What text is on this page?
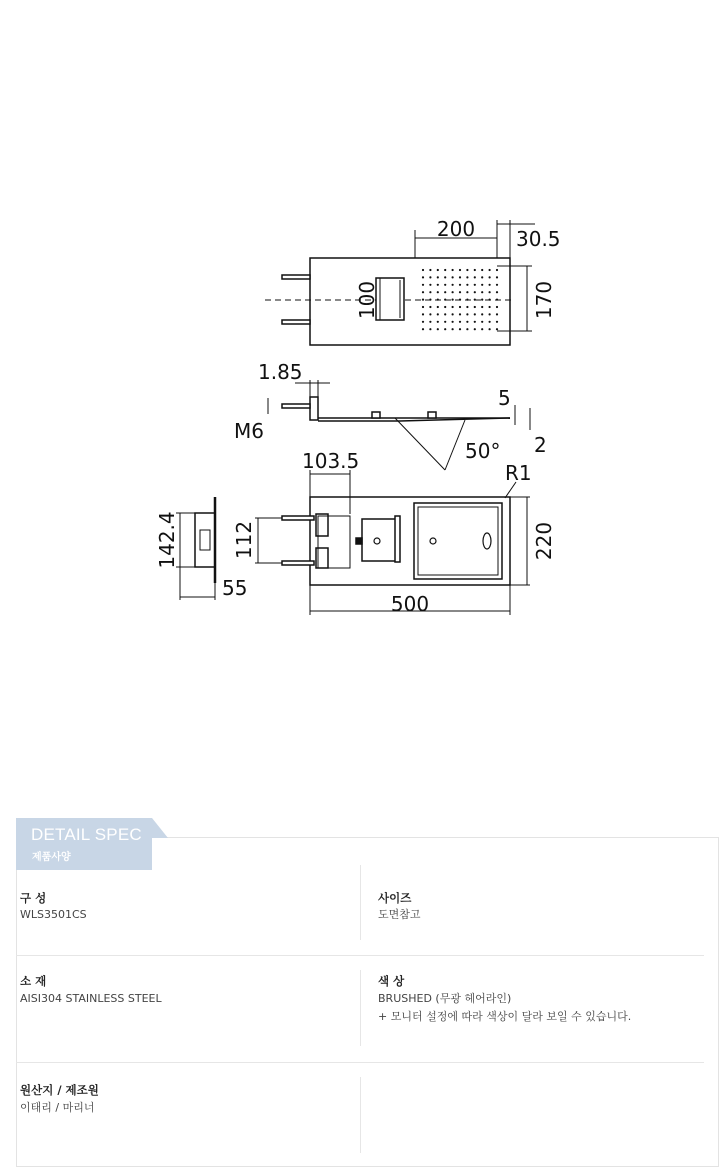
200 30.5
100	170
1.85
M6
5
2
50°
103.5	R1
142.4	112	220
55
500
DETAIL SPEC
제품사양
구 성
WLS3501CS
사이즈
도면참고
소 재
AISI304 STAINLESS STEEL
색 상
BRUSHED (무광 헤어라인)
+ 모니터 설정에 따라 색상이 달라 보일 수 있습니다.
원산지 / 제조원
이태리 / 마리너
